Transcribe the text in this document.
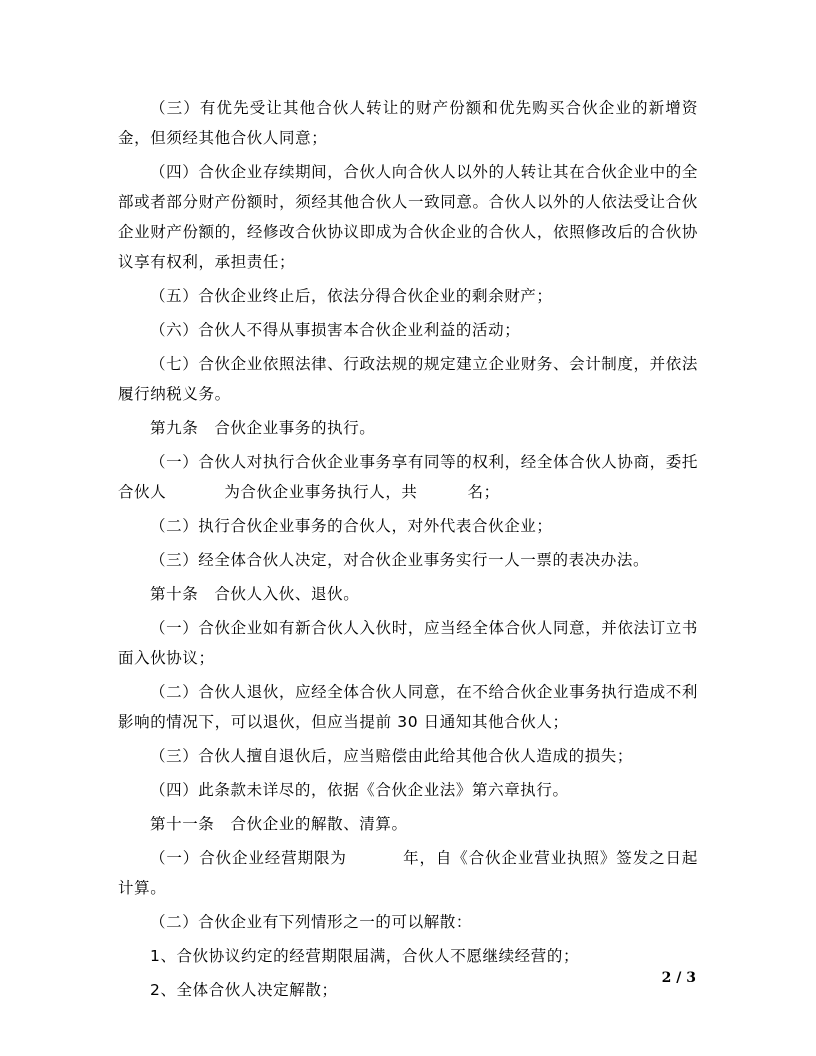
（三）有优先受让其他合伙人转让的财产份额和优先购买合伙企业的新增资金，但须经其他合伙人同意；

（四）合伙企业存续期间，合伙人向合伙人以外的人转让其在合伙企业中的全部或者部分财产份额时，须经其他合伙人一致同意。合伙人以外的人依法受让合伙企业财产份额的，经修改合伙协议即成为合伙企业的合伙人，依照修改后的合伙协议享有权利，承担责任；

（五）合伙企业终止后，依法分得合伙企业的剩余财产；

（六）合伙人不得从事损害本合伙企业利益的活动；

（七）合伙企业依照法律、行政法规的规定建立企业财务、会计制度，并依法履行纳税义务。

第九条　合伙企业事务的执行。

（一）合伙人对执行合伙企业事务享有同等的权利，经全体合伙人协商，委托合伙人	为合伙企业事务执行人，共	名；

（二）执行合伙企业事务的合伙人，对外代表合伙企业；

（三）经全体合伙人决定，对合伙企业事务实行一人一票的表决办法。

第十条　合伙人入伙、退伙。

（一）合伙企业如有新合伙人入伙时，应当经全体合伙人同意，并依法订立书面入伙协议；

（二）合伙人退伙，应经全体合伙人同意，在不给合伙企业事务执行造成不利影响的情况下，可以退伙，但应当提前 30 日通知其他合伙人；

（三）合伙人擅自退伙后，应当赔偿由此给其他合伙人造成的损失；

（四）此条款未详尽的，依据《合伙企业法》第六章执行。

第十一条　合伙企业的解散、清算。

（一）合伙企业经营期限为	年，自《合伙企业营业执照》签发之日起计算。

（二）合伙企业有下列情形之一的可以解散：

1、合伙协议约定的经营期限届满，合伙人不愿继续经营的；

2、全体合伙人决定解散；

2 / 3
